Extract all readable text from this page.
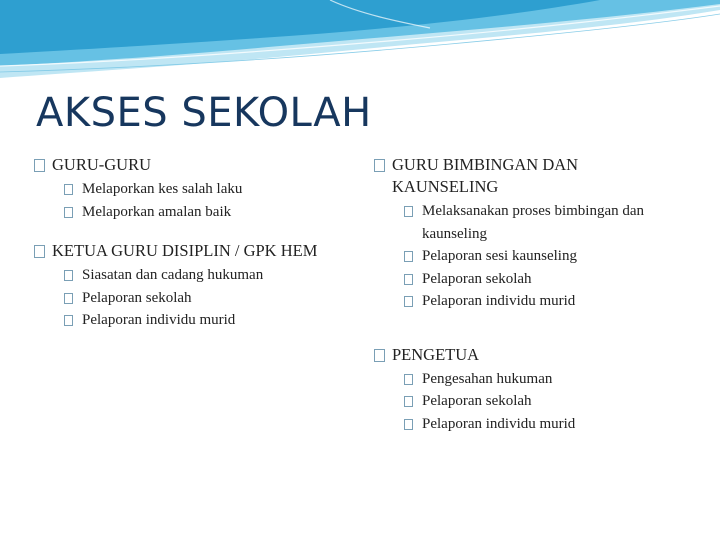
AKSES SEKOLAH
GURU-GURU
Melaporkan kes salah laku
Melaporkan amalan baik
KETUA GURU DISIPLIN / GPK HEM
Siasatan dan cadang hukuman
Pelaporan sekolah
Pelaporan individu murid
GURU BIMBINGAN DAN KAUNSELING
Melaksanakan proses bimbingan dan kaunseling
Pelaporan sesi kaunseling
Pelaporan sekolah
Pelaporan individu murid
PENGETUA
Pengesahan hukuman
Pelaporan sekolah
Pelaporan individu murid
